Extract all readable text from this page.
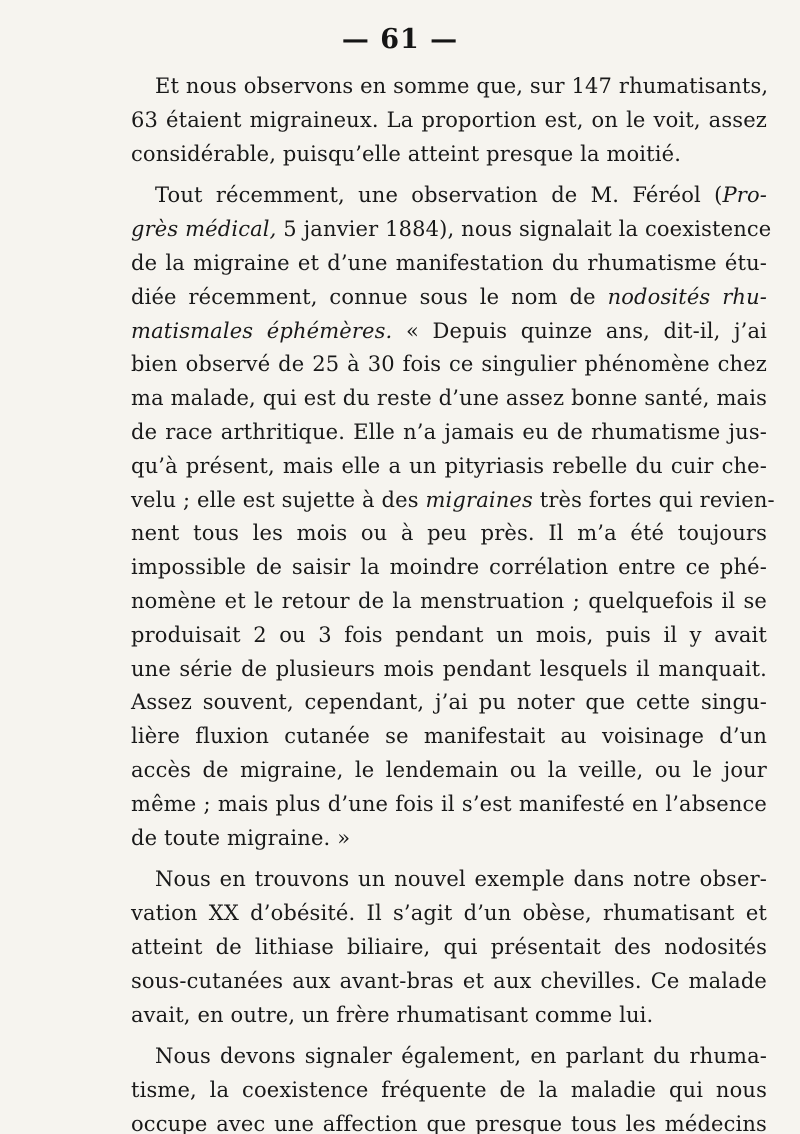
— 61 —
Et nous observons en somme que, sur 147 rhumatisants,
63 étaient migraineux. La proportion est, on le voit, assez
considérable, puisqu’elle atteint presque la moitié.
Tout récemment, une observation de M. Féréol (Pro-
grès médical, 5 janvier 1884), nous signalait la coexistence
de la migraine et d’une manifestation du rhumatisme étu-
diée récemment, connue sous le nom de nodosités rhu-
matismales éphémères. « Depuis quinze ans, dit-il, j’ai
bien observé de 25 à 30 fois ce singulier phénomène chez
ma malade, qui est du reste d’une assez bonne santé, mais
de race arthritique. Elle n’a jamais eu de rhumatisme jus-
qu’à présent, mais elle a un pityriasis rebelle du cuir che-
velu ; elle est sujette à des migraines très fortes qui revien-
nent tous les mois ou à peu près. Il m’a été toujours
impossible de saisir la moindre corrélation entre ce phé-
nomène et le retour de la menstruation ; quelquefois il se
produisait 2 ou 3 fois pendant un mois, puis il y avait
une série de plusieurs mois pendant lesquels il manquait.
Assez souvent, cependant, j’ai pu noter que cette singu-
lière fluxion cutanée se manifestait au voisinage d’un
accès de migraine, le lendemain ou la veille, ou le jour
même ; mais plus d’une fois il s’est manifesté en l’absence
de toute migraine. »
Nous en trouvons un nouvel exemple dans notre obser-
vation XX d’obésité. Il s’agit d’un obèse, rhumatisant et
atteint de lithiase biliaire, qui présentait des nodosités
sous-cutanées aux avant-bras et aux chevilles. Ce malade
avait, en outre, un frère rhumatisant comme lui.
Nous devons signaler également, en parlant du rhuma-
tisme, la coexistence fréquente de la maladie qui nous
occupe avec une affection que presque tous les médecins
